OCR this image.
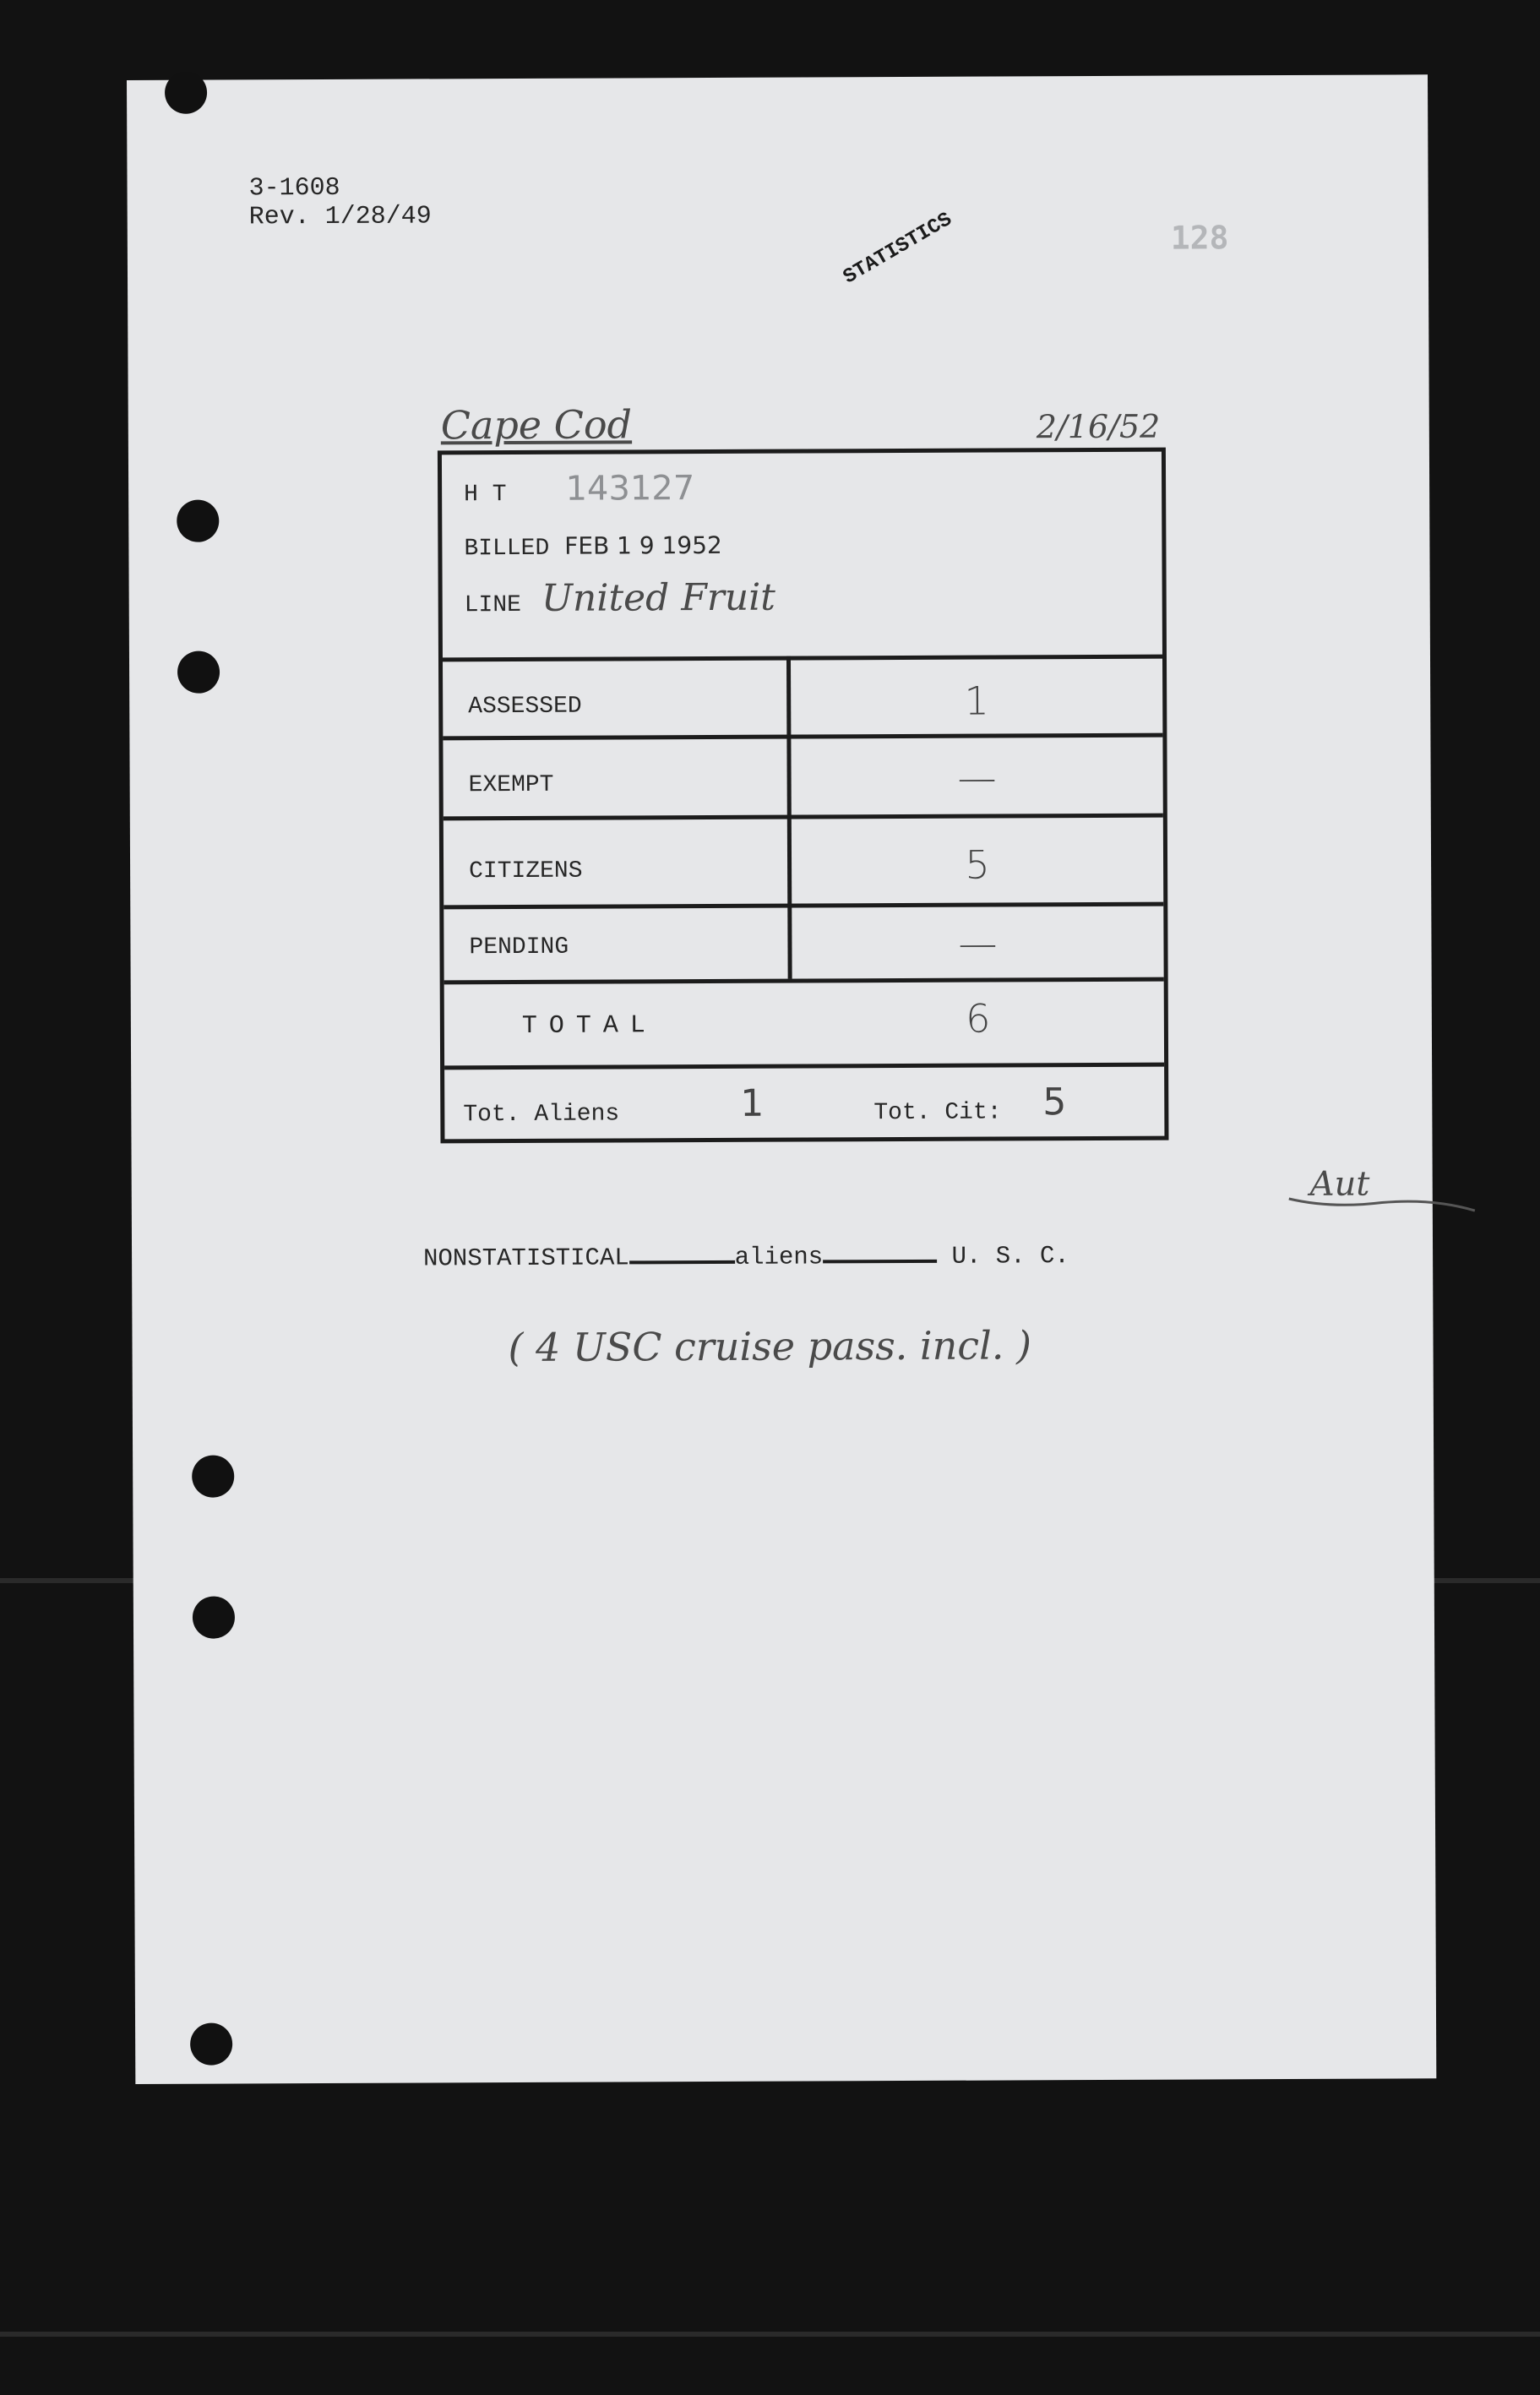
3-1608
Rev. 1/28/49	STATISTICS	128
Cape Cod	2/16/52
H T 143127
BILLED FEB 1 9 1952
LINE United Fruit
ASSESSED	1
EXEMPT	—
CITIZENS	5
PENDING	—
TOTAL	6
Tot. Aliens	1	Tot. Cit: 5
Aut
NONSTATISTICAL	aliens	U. S. C.
( 4 USC cruise pass. incl. )
